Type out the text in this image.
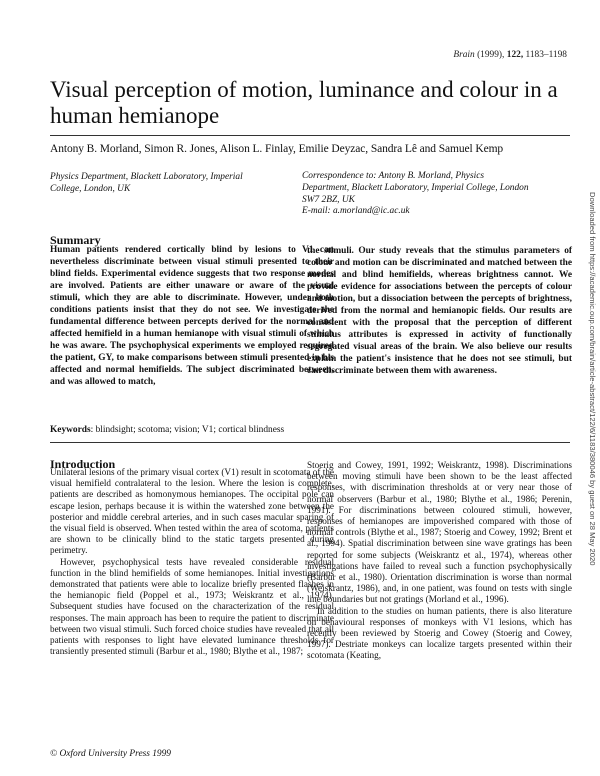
Brain (1999), 122, 1183–1198
Visual perception of motion, luminance and colour in a human hemianope
Antony B. Morland, Simon R. Jones, Alison L. Finlay, Emilie Deyzac, Sandra Lê and Samuel Kemp
Physics Department, Blackett Laboratory, Imperial College, London, UK
Correspondence to: Antony B. Morland, Physics
Department, Blackett Laboratory, Imperial College, London
SW7 2BZ, UK
E-mail: a.morland@ic.ac.uk
Summary
Human patients rendered cortically blind by lesions to V1 can nevertheless discriminate between visual stimuli presented to their blind fields. Experimental evidence suggests that two response modes are involved. Patients are either unaware or aware of the visual stimuli, which they are able to discriminate. However, under both conditions patients insist that they do not see. We investigate the fundamental difference between percepts derived for the normal and affected hemifield in a human hemianope with visual stimuli of which he was aware. The psychophysical experiments we employed required the patient, GY, to make comparisons between stimuli presented in his affected and normal hemifields. The subject discriminated between, and was allowed to match,
the stimuli. Our study reveals that the stimulus parameters of colour and motion can be discriminated and matched between the normal and blind hemifields, whereas brightness cannot. We provide evidence for associations between the percepts of colour and motion, but a dissociation between the percepts of brightness, derived from the normal and hemianopic fields. Our results are consistent with the proposal that the perception of different stimulus attributes is expressed in activity of functionally segregated visual areas of the brain. We also believe our results explain the patient's insistence that he does not see stimuli, but can discriminate between them with awareness.
Keywords: blindsight; scotoma; vision; V1; cortical blindness
Introduction

Unilateral lesions of the primary visual cortex (V1) result in scotomata of the visual hemifield contralateral to the lesion. Where the lesion is complete, patients are described as homonymous hemianopes. The occipital pole can escape lesion, perhaps because it is within the watershed zone between the posterior and middle cerebral arteries, and in such cases macular sparing of the visual field is observed. When tested within the area of scotoma, patients are shown to be clinically blind to the static targets presented during perimetry.

However, psychophysical tests have revealed considerable residual function in the blind hemifields of some hemianopes. Initial investigations demonstrated that patients were able to localize briefly presented flashes in the hemianopic field (Poppel et al., 1973; Weiskrantz et al., 1974). Subsequent studies have focused on the characterization of the residual responses. The main approach has been to require the patient to discriminate between two visual stimuli. Such forced choice studies have revealed that all patients with responses to light have elevated luminance thresholds for transiently presented stimuli (Barbur et al., 1980; Blythe et al., 1987;

Stoerig and Cowey, 1991, 1992; Weiskrantz, 1998). Discriminations between moving stimuli have been shown to be the least affected responses, with discrimination thresholds at or very near those of normal observers (Barbur et al., 1980; Blythe et al., 1986; Perenin, 1991). For discriminations between coloured stimuli, however, responses of hemianopes are impoverished compared with those of normal controls (Blythe et al., 1987; Stoerig and Cowey, 1992; Brent et al., 1994). Spatial discrimination between sine wave gratings has been reported for some subjects (Weiskrantz et al., 1974), whereas other investigations have failed to reveal such a function psychophysically (Barbur et al., 1980). Orientation discrimination is worse than normal (Weiskrantz, 1986), and, in one patient, was found on tests with single line boundaries but not gratings (Morland et al., 1996).

In addition to the studies on human patients, there is also literature on behavioural responses of monkeys with V1 lesions, which has recently been reviewed by Stoerig and Cowey (Stoerig and Cowey, 1997). Destriate monkeys can localize targets presented within their scotomata (Keating,

© Oxford University Press 1999
Downloaded from https://academic.oup.com/brain/article-abstract/122/6/1183/380046 by guest on 28 May 2020
